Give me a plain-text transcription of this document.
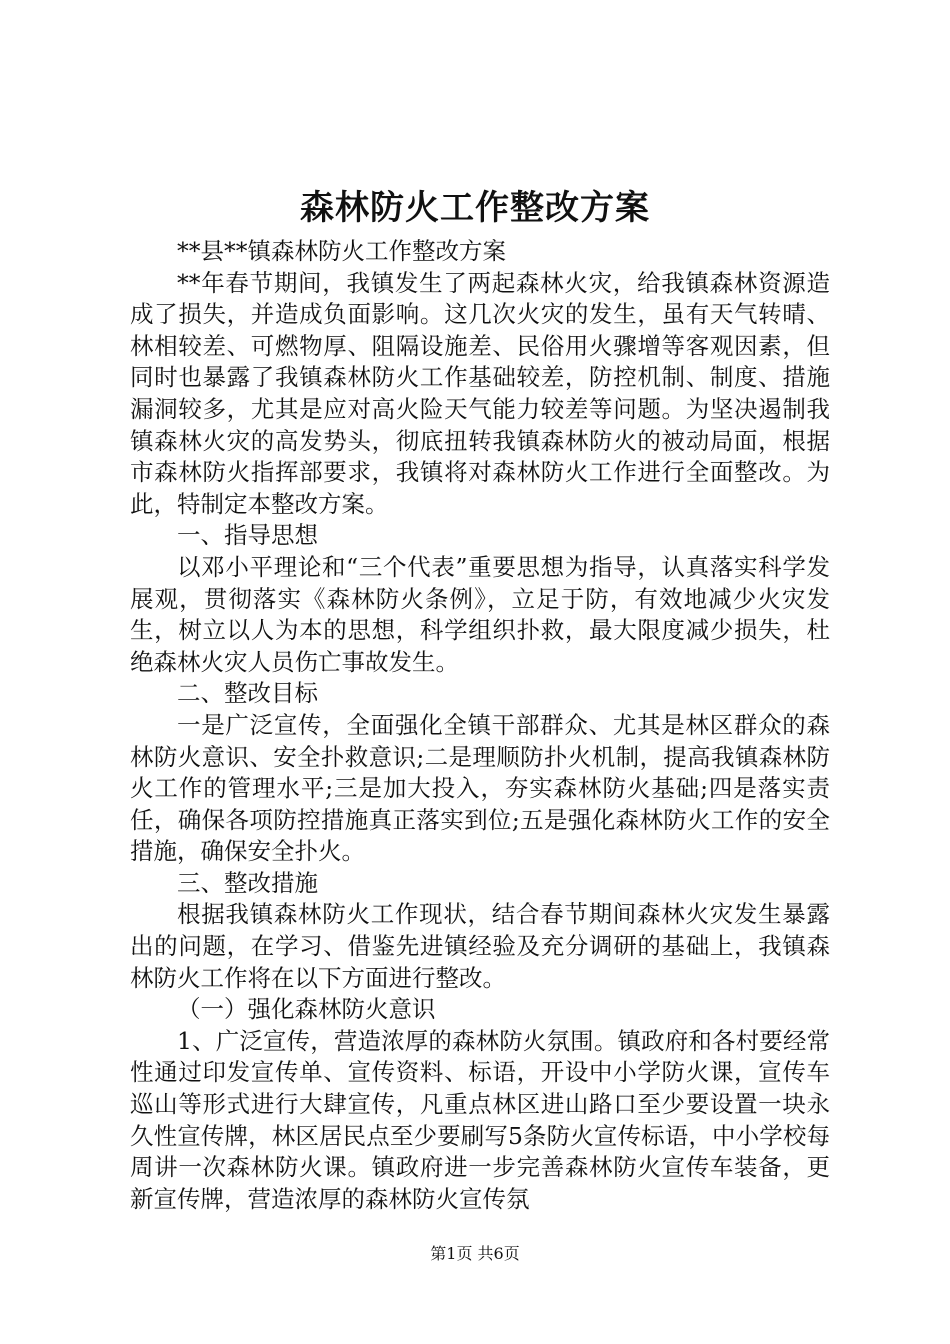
森林防火工作整改方案

**县**镇森林防火工作整改方案

**年春节期间，我镇发生了两起森林火灾，给我镇森林资源造成了损失，并造成负面影响。这几次火灾的发生，虽有天气转晴、林相较差、可燃物厚、阻隔设施差、民俗用火骤增等客观因素，但同时也暴露了我镇森林防火工作基础较差，防控机制、制度、措施漏洞较多，尤其是应对高火险天气能力较差等问题。为坚决遏制我镇森林火灾的高发势头，彻底扭转我镇森林防火的被动局面，根据市森林防火指挥部要求，我镇将对森林防火工作进行全面整改。为此，特制定本整改方案。

一、指导思想

以邓小平理论和“三个代表”重要思想为指导，认真落实科学发展观，贯彻落实《森林防火条例》，立足于防，有效地减少火灾发生，树立以人为本的思想，科学组织扑救，最大限度减少损失，杜绝森林火灾人员伤亡事故发生。

二、整改目标

一是广泛宣传，全面强化全镇干部群众、尤其是林区群众的森林防火意识、安全扑救意识;二是理顺防扑火机制，提高我镇森林防火工作的管理水平;三是加大投入，夯实森林防火基础;四是落实责任，确保各项防控措施真正落实到位;五是强化森林防火工作的安全措施，确保安全扑火。

三、整改措施

根据我镇森林防火工作现状，结合春节期间森林火灾发生暴露出的问题，在学习、借鉴先进镇经验及充分调研的基础上，我镇森林防火工作将在以下方面进行整改。

（一）强化森林防火意识

1、广泛宣传，营造浓厚的森林防火氛围。镇政府和各村要经常性通过印发宣传单、宣传资料、标语，开设中小学防火课，宣传车巡山等形式进行大肆宣传，凡重点林区进山路口至少要设置一块永久性宣传牌，林区居民点至少要刷写5条防火宣传标语，中小学校每周讲一次森林防火课。镇政府进一步完善森林防火宣传车装备，更新宣传牌，营造浓厚的森林防火宣传氛

第1页 共6页
